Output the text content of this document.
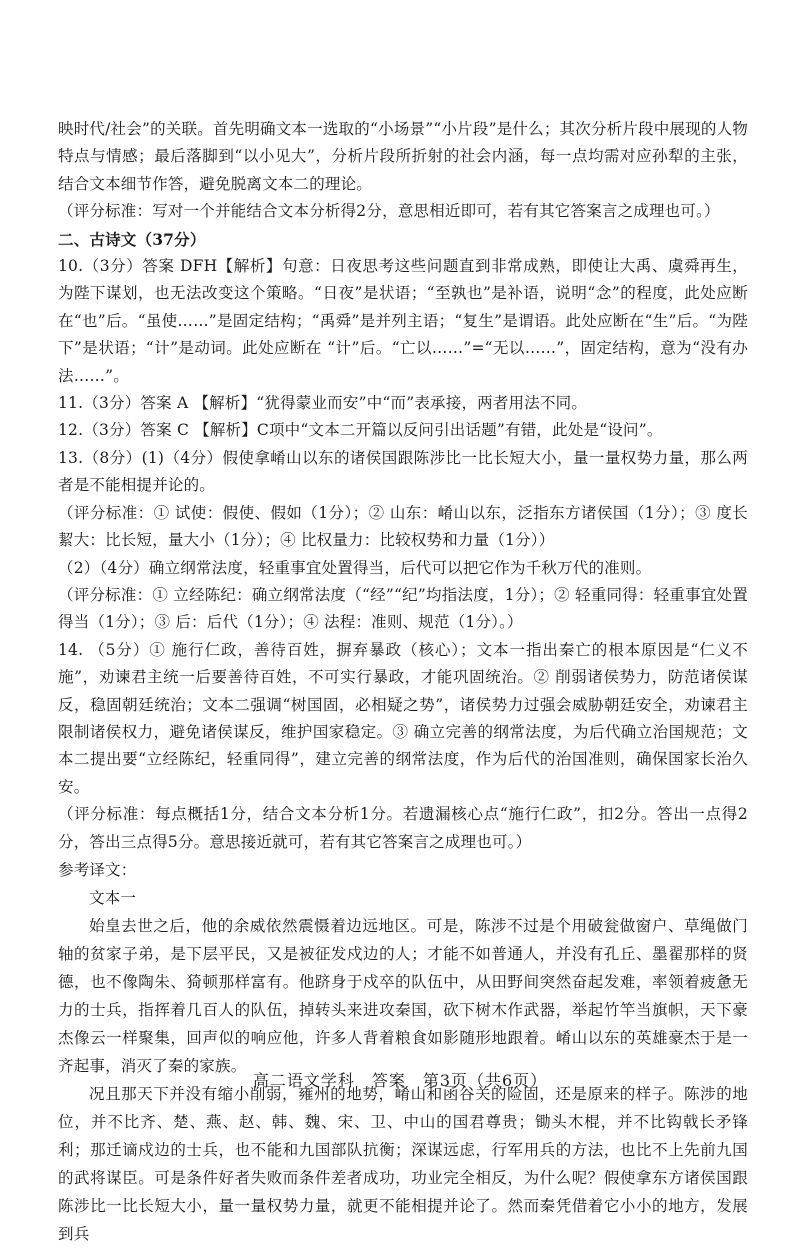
映时代/社会”的关联。首先明确文本一选取的“小场景”“小片段”是什么；其次分析片段中展现的人物特点与情感；最后落脚到“以小见大”，分析片段所折射的社会内涵，每一点均需对应孙犁的主张，结合文本细节作答，避免脱离文本二的理论。

（评分标准：写对一个并能结合文本分析得2分，意思相近即可，若有其它答案言之成理也可。）

二、古诗文（37分）

10.（3分）答案 DFH【解析】句意：日夜思考这些问题直到非常成熟，即使让大禹、虞舜再生，为陛下谋划，也无法改变这个策略。“日夜”是状语；“至孰也”是补语，说明“念”的程度，此处应断在“也”后。“虽使……”是固定结构；“禹舜”是并列主语；“复生”是谓语。此处应断在“生”后。“为陛下”是状语；“计”是动词。此处应断在 “计”后。“亡以……”=“无以……”，固定结构，意为“没有办法……”。

11.（3分）答案 A 【解析】“犹得蒙业而安”中“而”表承接，两者用法不同。

12.（3分）答案 C 【解析】C项中“文本二开篇以反问引出话题”有错，此处是“设问”。

13.（8分）(1)（4分）假使拿崤山以东的诸侯国跟陈涉比一比长短大小，量一量权势力量，那么两者是不能相提并论的。

（评分标准：① 试使：假使、假如（1分）；② 山东：崤山以东，泛指东方诸侯国（1分）；③ 度长絜大：比长短，量大小（1分）；④ 比权量力：比较权势和力量（1分））

（2）（4分）确立纲常法度，轻重事宜处置得当，后代可以把它作为千秋万代的准则。

（评分标准：① 立经陈纪：确立纲常法度（“经”“纪”均指法度，1分）；② 轻重同得：轻重事宜处置得当（1分）；③ 后：后代（1分）；④ 法程：准则、规范（1分）。）

14. （5分）① 施行仁政，善待百姓，摒弃暴政（核心）；文本一指出秦亡的根本原因是“仁义不施”，劝谏君主统一后要善待百姓，不可实行暴政，才能巩固统治。② 削弱诸侯势力，防范诸侯谋反，稳固朝廷统治；文本二强调“树国固，必相疑之势”，诸侯势力过强会威胁朝廷安全，劝谏君主限制诸侯权力，避免诸侯谋反，维护国家稳定。③ 确立完善的纲常法度，为后代确立治国规范；文本二提出要“立经陈纪，轻重同得”，建立完善的纲常法度，作为后代的治国准则，确保国家长治久安。

（评分标准：每点概括1分，结合文本分析1分。若遗漏核心点“施行仁政”，扣2分。答出一点得2分，答出三点得5分。意思接近就可，若有其它答案言之成理也可。）

参考译文：

文本一

始皇去世之后，他的余威依然震慑着边远地区。可是，陈涉不过是个用破瓮做窗户、草绳做门轴的贫家子弟，是下层平民，又是被征发戍边的人；才能不如普通人，并没有孔丘、墨翟那样的贤德，也不像陶朱、猗顿那样富有。他跻身于戍卒的队伍中，从田野间突然奋起发难，率领着疲惫无力的士兵，指挥着几百人的队伍，掉转头来进攻秦国，砍下树木作武器，举起竹竿当旗帜，天下豪杰像云一样聚集，回声似的响应他，许多人背着粮食如影随形地跟着。崤山以东的英雄豪杰于是一齐起事，消灭了秦的家族。

况且那天下并没有缩小削弱，雍州的地势，崤山和函谷关的险固，还是原来的样子。陈涉的地位，并不比齐、楚、燕、赵、韩、魏、宋、卫、中山的国君尊贵；锄头木棍，并不比钩戟长矛锋利；那迁谪戍边的士兵，也不能和九国部队抗衡；深谋远虑，行军用兵的方法，也比不上先前九国的武将谋臣。可是条件好者失败而条件差者成功，功业完全相反，为什么呢？假使拿东方诸侯国跟陈涉比一比长短大小，量一量权势力量，就更不能相提并论了。然而秦凭借着它小小的地方，发展到兵

高二语文学科　答案　第3页（共6页）
